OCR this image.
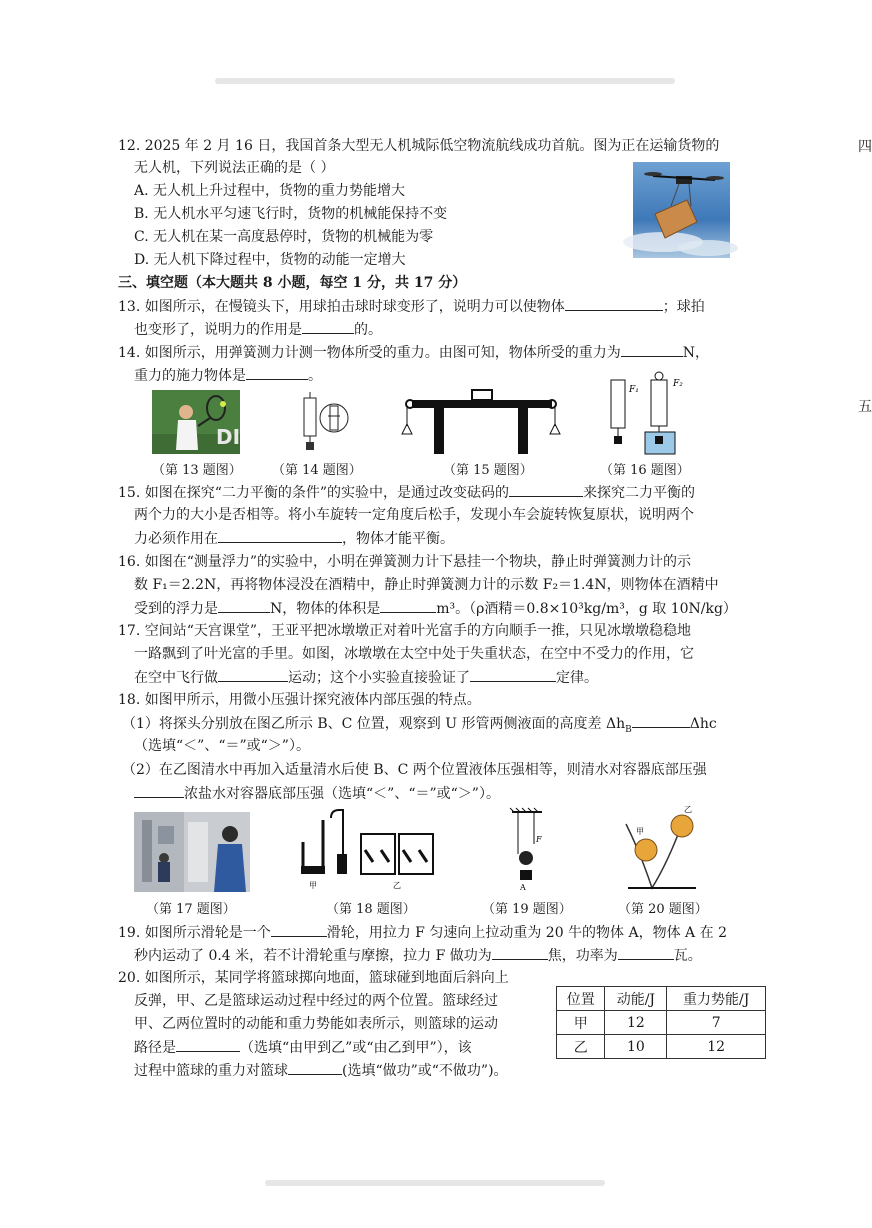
四
五
12. 2025 年 2 月 16 日，我国首条大型无人机城际低空物流航线成功首航。图为正在运输货物的
无人机，下列说法正确的是（ ）
A. 无人机上升过程中，货物的重力势能增大
B. 无人机水平匀速飞行时，货物的机械能保持不变
C. 无人机在某一高度悬停时，货物的机械能为零
D. 无人机下降过程中，货物的动能一定增大
三、填空题（本大题共 8 小题，每空 1 分，共 17 分）
13. 如图所示，在慢镜头下，用球拍击球时球变形了，说明力可以使物体	；球拍
也变形了，说明力的作用是	的。
14. 如图所示，用弹簧测力计测一物体所受的重力。由图可知，物体所受的重力为	N，
重力的施力物体是	。
DI
F₁
F₂
（第 13 题图） （第 14 题图）	（第 15 题图）	（第 16 题图）
15. 如图在探究“二力平衡的条件”的实验中，是通过改变砝码的	来探究二力平衡的
两个力的大小是否相等。将小车旋转一定角度后松手，发现小车会旋转恢复原状，说明两个
力必须作用在	，物体才能平衡。
16. 如图在“测量浮力”的实验中，小明在弹簧测力计下悬挂一个物块，静止时弹簧测力计的示
数 F₁＝2.2N，再将物体浸没在酒精中，静止时弹簧测力计的示数 F₂＝1.4N，则物体在酒精中
受到的浮力是	N，物体的体积是	m³。（ρ酒精＝0.8×10³kg/m³，g 取 10N/kg）
17. 空间站“天宫课堂”，王亚平把冰墩墩正对着叶光富手的方向顺手一推，只见冰墩墩稳稳地
一路飘到了叶光富的手里。如图，冰墩墩在太空中处于失重状态，在空中不受力的作用，它
在空中飞行做	运动；这个小实验直接验证了	定律。
18. 如图甲所示，用微小压强计探究液体内部压强的特点。
（1）将探头分别放在图乙所示 B、C 位置，观察到 U 形管两侧液面的高度差 $\Delta h_B$	Δhc
（选填“＜”、“＝”或“＞”）。
（2）在乙图清水中再加入适量清水后使 B、C 两个位置液体压强相等，则清水对容器底部压强
浓盐水对容器底部压强（选填“＜”、“＝”或“＞”）。
甲	乙
F
A
甲
乙
（第 17 题图）	（第 18 题图）	（第 19 题图）	（第 20 题图）
19. 如图所示滑轮是一个	滑轮，用拉力 F 匀速向上拉动重为 20 牛的物体 A，物体 A 在 2
秒内运动了 0.4 米，若不计滑轮重与摩擦，拉力 F 做功为	焦，功率为	瓦。
20. 如图所示，某同学将篮球掷向地面，篮球碰到地面后斜向上
反弹，甲、乙是篮球运动过程中经过的两个位置。篮球经过
甲、乙两位置时的动能和重力势能如表所示，则篮球的运动
路径是	（选填“由甲到乙”或“由乙到甲”），该
过程中篮球的重力对篮球	(选填“做功”或“不做功”)。
位置	动能/J	重力势能/J
甲	12	7
乙	10	12
